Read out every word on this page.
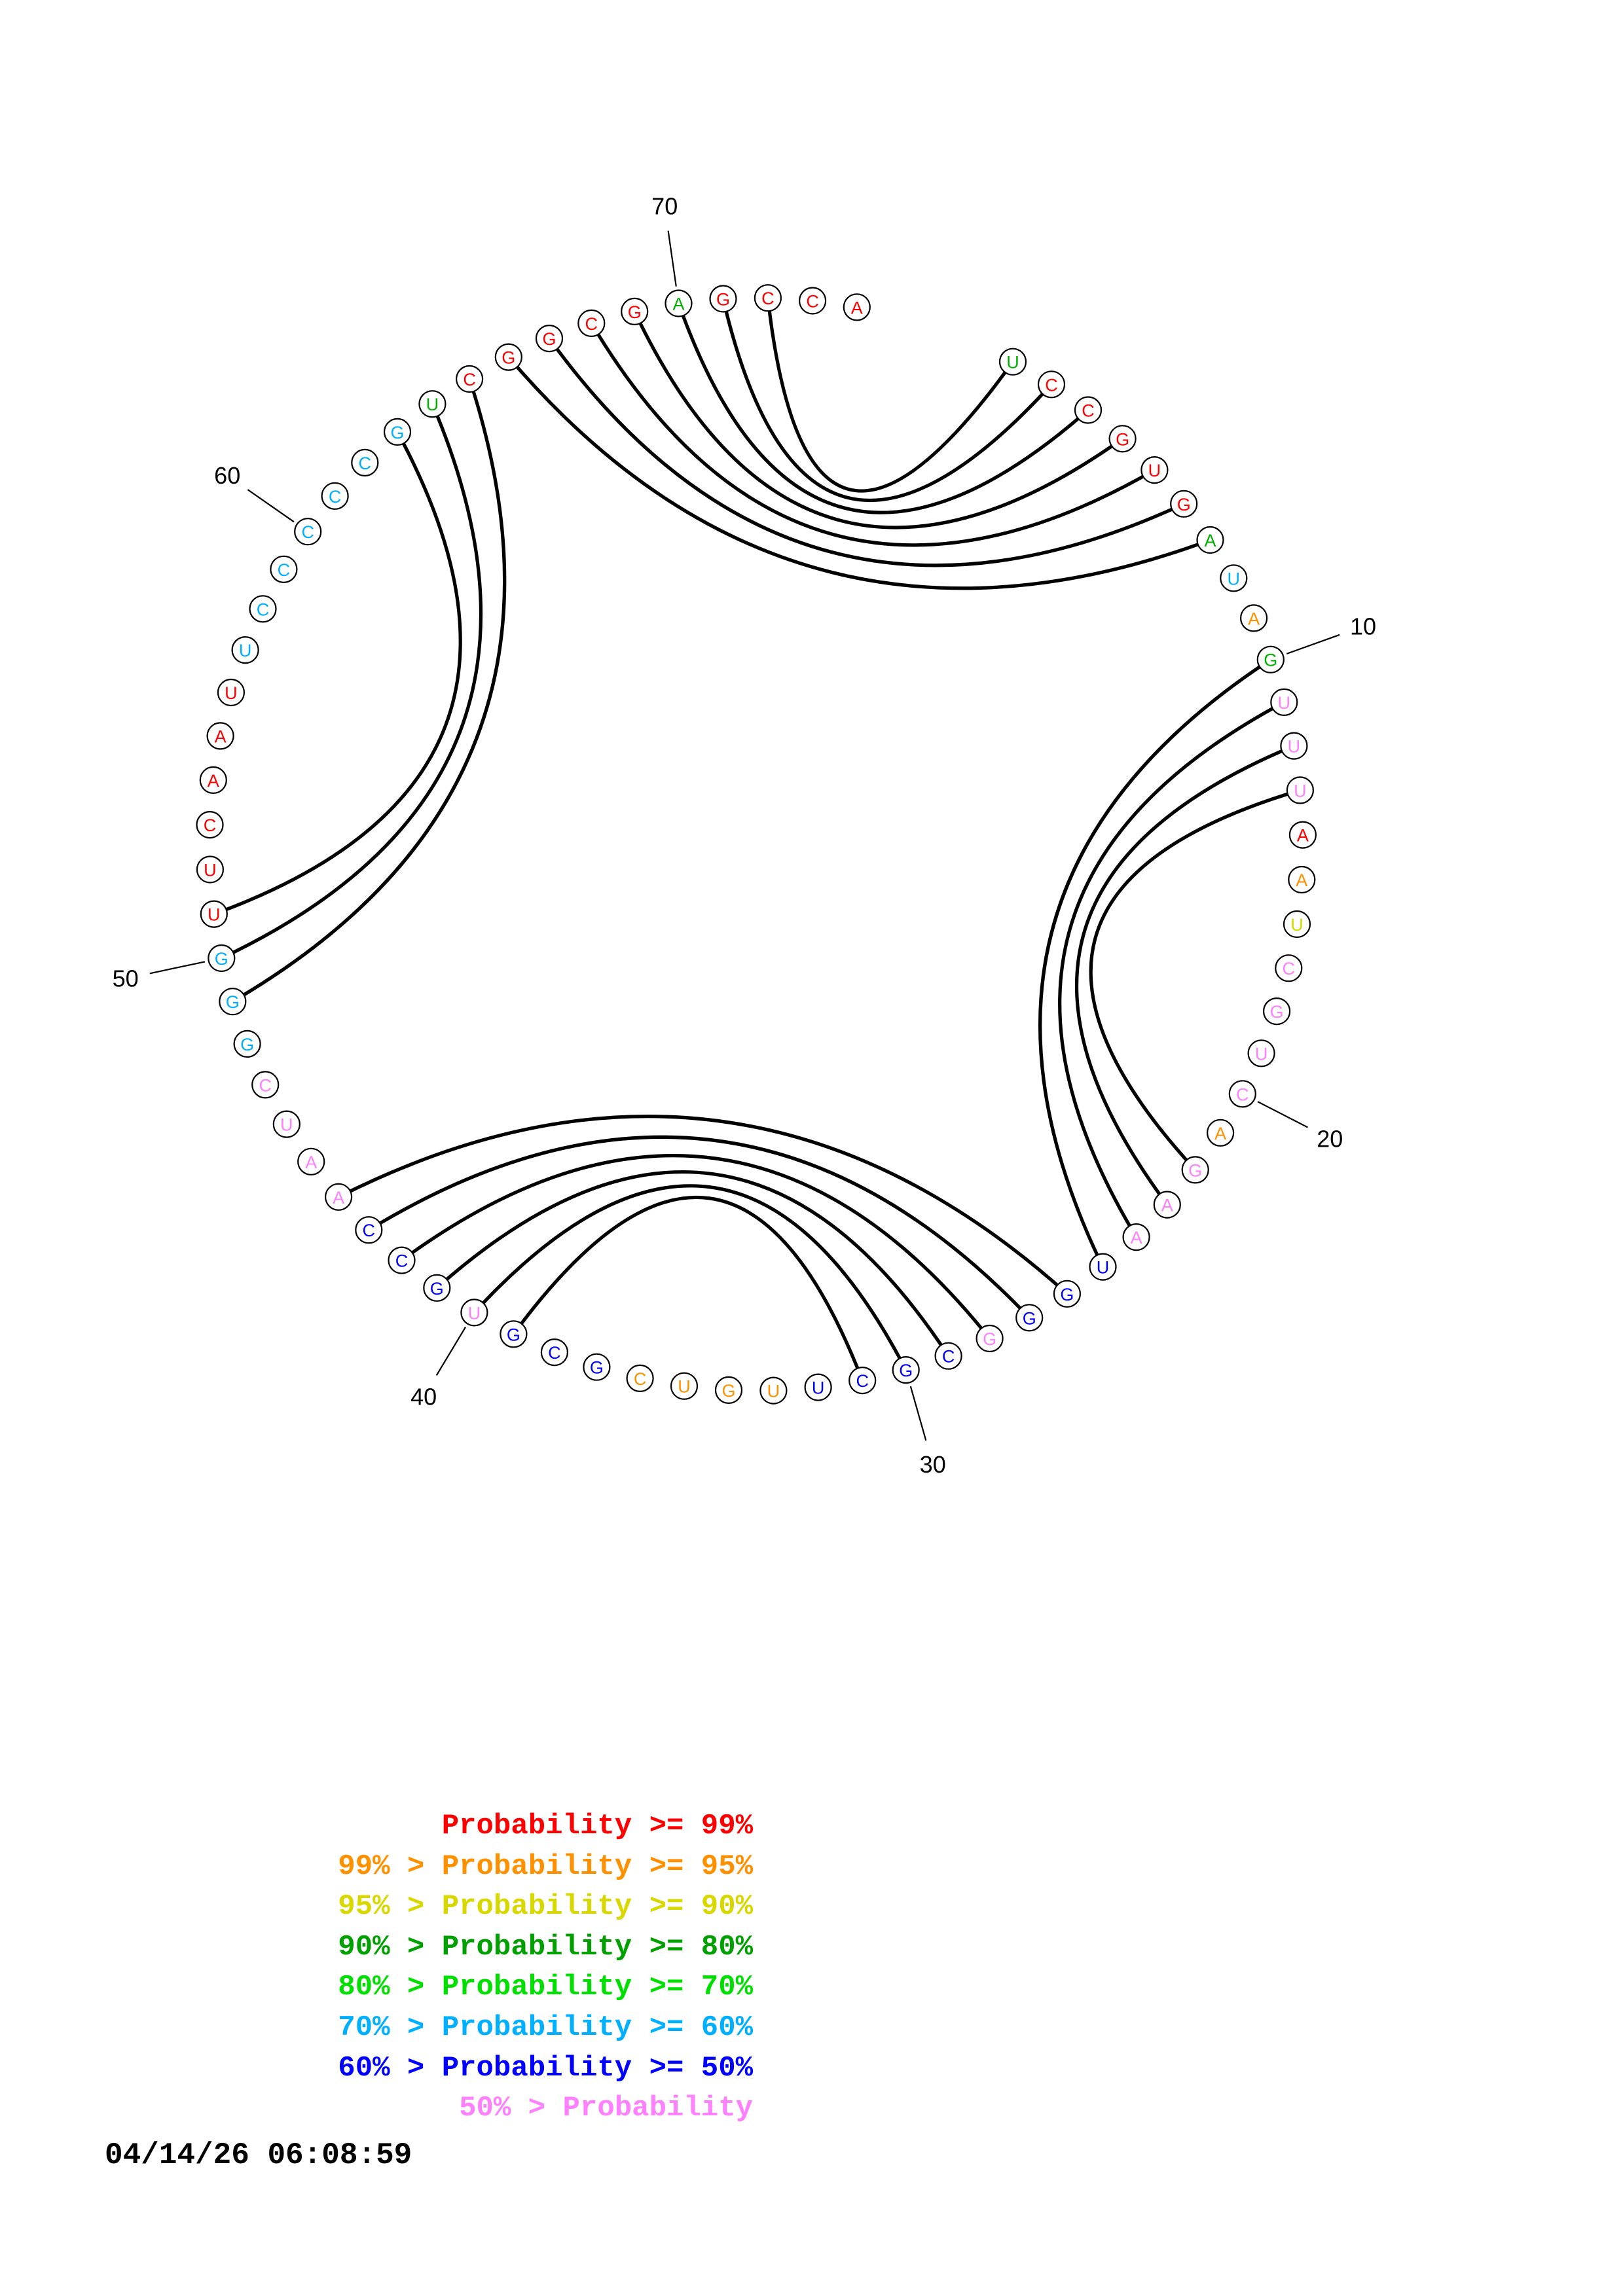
U
C
C
G
U
G
A
U
A
G
U
U
U
A
A
U
C
G
U
C
A
G
A
A
U
G
G
G
C
G
C
U
U
G
U
C
G
C
G
U
G
C
C
A
A
U
C
G
G
G
U
U
C
A
A
U
U
C
C
C
C
C
G
U
C
G
G
C
G A G C C A
10
20
30
40
50
60
70
Probability >= 99%
99% > Probability >= 95%
95% > Probability >= 90%
90% > Probability >= 80%
80% > Probability >= 70%
70% > Probability >= 60%
60% > Probability >= 50%
50% > Probability
04/14/26 06:08:59
